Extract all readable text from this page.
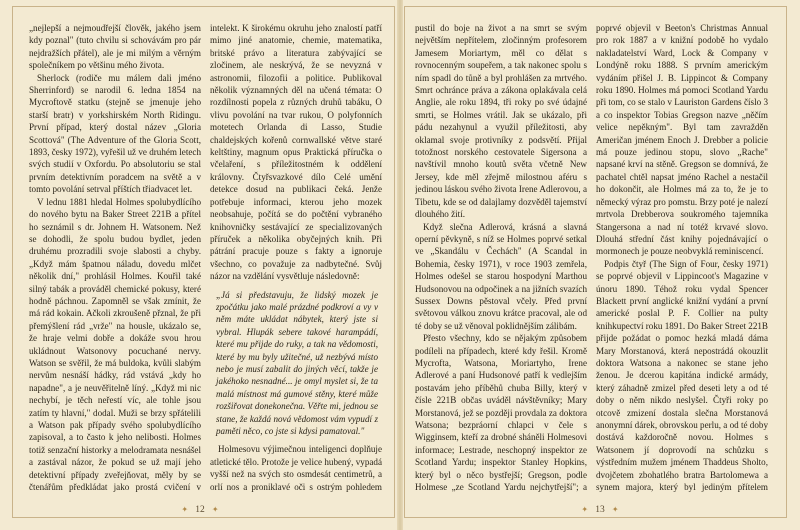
„nejlepší a nejmoudřejší člověk, jakého jsem kdy poznal" (tuto chvilu si schovávám pro pár nejdražších přátel), ale je mi milým a věrným společníkem po většinu mého života.

Sherlock (rodiče mu málem dali jméno Sherrinford) se narodil 6. ledna 1854 na Mycroftově statku (stejně se jmenuje jeho starší bratr) v yorkshirském North Ridingu. První případ, který dostal název „Gloria Scottová" (The Adventure of the Gloria Scott, 1893, česky 1972), vyřešil už ve druhém letech svých studií v Oxfordu. Po absolutoriu se stal prvním detektivním poradcem na světě a v tomto povolání setrval příštích třiadvacet let.

V lednu 1881 hledal Holmes spolubydlícího do nového bytu na Baker Street 221B a přítel ho seznámil s dr. Johnem H. Watsonem. Než se dohodli, že spolu budou bydlet, jeden druhému prozradili svoje slabosti a chyby. „Když mám špatnou náladu, dovedu mlčet několik dní," prohlásil Holmes. Kouřil také silný tabák a prováděl chemické pokusy, které hodně páchnou. Zapomněl se však zmínit, že má rád kokain. Ačkoli zkroušeně přznal, že při přemýšlení rád „vrže" na housle, ukázalo se, že hraje velmi dobře a dokáže svou hrou ukládnout Watsonovy pocuchané nervy. Watson se svěřil, že má buldoka, kvůli slabým nervům nesnáší hádky, rád vstává „kdy ho napadne", a je neuvěřitelně líný. „Když mi nic nechybí, je těch neřestí víc, ale tohle jsou zatím ty hlavní," dodal. Muži se brzy spřátelili a Watson pak případy svého spolubydlícího zapisoval, a to často k jeho nelibosti. Holmes totiž senzační historky a melodramata nesnášel a zastával názor, že pokud se už mají jeho detektivní případy zveřejňovat, měly by se čtenářům předkládat jako prostá cvičení v

intelekt. K širokému okruhu jeho znalostí patří mimo jiné anatomie, chemie, matematika, britské právo a literatura zabývající se zločinem, ale neskrývá, že se nevyzná v astronomii, filozofii a politice. Publikoval několik významných děl na učená témata: O rozdílnosti popela z různých druhů tabáku, O vlivu povolání na tvar rukou, O polyfonních motetech Orlanda di Lasso, Studie chaldejských kořenů cornwallské větve staré keltštiny, magnum opus Praktická příručka o včelaření, s příležitostném k oddělení královny. Čtyřsvazkové dílo Celé umění detekce dosud na publikaci čeká. Jenže potřebuje informaci, kterou jeho mozek neobsahuje, počítá se do počtění vybraného knihovničky sestávající ze specializovaných příruček a několika obyčejných knih. Při pátrání pracuje pouze s fakty a ignoruje všechno, co považuje za nadbytečné. Svůj názor na vzdělání vysvětluje následovně:

„Já si představuju, že lidský mozek je zpočátku jako malé prázdné podkroví a vy v něm máte ukládat nábytek, který jste si vybral. Hlupák sebere takové harampádí, které mu přijde do ruky, a tak na vědomosti, které by mu byly užitečné, už nezbývá místo nebo je musí zabalit do jiných věcí, takže je jakéhoko nesnadné... je omyl myslet si, že ta malá místnost má gumové stěny, které může rozšiřovat donekonečna. Věřte mi, jednou se stane, že každá nová vědomost vám vypudí z paměti něco, co jste si kdysi pamatoval."

Holmesovu výjimečnou inteligenci doplňuje atletické tělo. Protože je velice hubený, vypadá vyšší než na svých sto osmdesát centimetrů, a orlí nos a proniklavé oči s ostrým pohledem

pustil do boje na život a na smrt se svým největším nepřítelem, zločinným profesorem Jamesem Moriartym, měl co dělat s rovnocenným soupeřem, a tak nakonec spolu s ním spadl do tůně a byl prohlášen za mrtvého. Smrt ochránce práva a zákona oplakávala celá Anglie, ale roku 1894, tři roky po své údajné smrti, se Holmes vrátil. Jak se ukázalo, při pádu nezahynul a využil příležitosti, aby oklamal svoje protivníky z podsvětí. Přijal totožnost norského cestovatele Sigersona a navštívil mnoho koutů světa včetně New Jersey, kde měl zřejmě milostnou aféru s jedinou láskou svého života Irene Adlerovou, a Tibetu, kde se od dalajlamy dozvěděl tajemství dlouhého žití.

Když slečna Adlerová, krásná a slavná operní pěvkyně, s níž se Holmes poprvé setkal ve „Skandálu v Čechách" (A Scandal in Bohemia, česky 1971), v roce 1903 zemřela, Holmes odešel se starou hospodyní Marthou Hudsonovou na odpočinek a na jižních svazích Sussex Downs pěstoval včely. Před první světovou válkou znovu krátce pracoval, ale od té doby se už věnoval poklidnějším zálibám.

Přesto všechny, kdo se nějakým způsobem podíleli na případech, které kdy řešil. Kromě Mycrofta, Watsona, Moriartyho, Irene Adlerové a paní Hudsonové patří k vedlejším postavám jeho příběhů chuba Billy, který v čísle 221B občas uváděl návštěvníky; Mary Morstanová, jež se později provdala za doktora Watsona; bezpráorní chlapci v čele s Wigginsem, kteří za drobné sháněli Holmesovi informace; Lestrade, neschopný inspektor ze Scotland Yardu; inspektor Stanley Hopkins, který byl o něco bystřejší; Gregson, podle Holmese „ze Scotland Yardu nejchytřejší"; a

poprvé objevil v Beeton's Christmas Annual pro rok 1887 a v knižní podobě ho vydalo nakladatelství Ward, Lock & Company v Londýně roku 1888. S prvním americkým vydáním přišel J. B. Lippincot & Company roku 1890. Holmes má pomoci Scotland Yardu při tom, co se stalo v Lauriston Gardens číslo 3 a co inspektor Tobias Gregson nazve „něčím velice nepěkným". Byl tam zavražděn Američan jménem Enoch J. Drebber a policie má pouze jedinou stopu, slovo „Rache" napsané krví na stěně. Gregson se domnívá, že pachatel chtěl napsat jméno Rachel a nestačil ho dokončit, ale Holmes má za to, že je to německý výraz pro pomstu. Brzy poté je nalezí mrtvola Drebberova soukromého tajemníka Stangersona a nad ní totéž krvavé slovo. Dlouhá střední část knihy pojednávající o mormonech je pouze neobvyklá reminiscencí.

Podpis čtyř (The Sign of Four, česky 1971) se poprvé objevil v Lippincoot's Magazine v únoru 1890. Téhož roku vydal Spencer Blackett první anglické knižní vydání a první americké poslal P. F. Collier na pulty knihkupectví roku 1891. Do Baker Street 221B přijde požádat o pomoc hezká mladá dáma Mary Morstanová, která nepostrádá okouzlit doktora Watsona a nakonec se stane jeho ženou. Je dcerou kapitána indické armády, který záhadně zmizel před deseti lety a od té doby o něm nikdo neslyšel. Čtyři roky po otcově zmizení dostala slečna Morstanová anonymní dárek, obrovskou perlu, a od té doby dostává každoročně novou. Holmes s Watsonem jí doprovodí na schůzku s výstředním mužem jménem Thaddeus Sholto, dvojčetem zbohatlého bratra Bartolomewa a synem majora, který byl jediným přítelem

✦ 12 ✦	✦ 13 ✦
